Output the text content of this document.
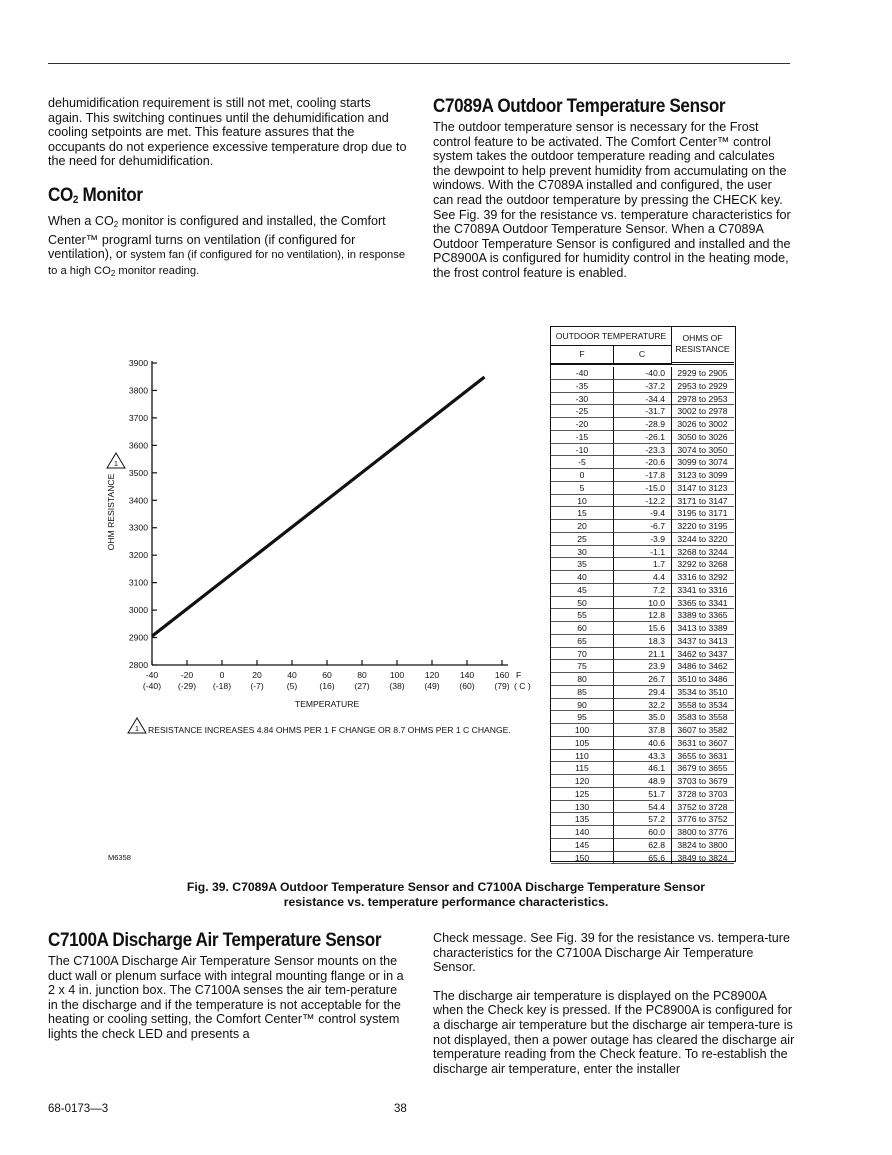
dehumidification requirement is still not met, cooling starts again. This switching continues until the dehumidification and cooling setpoints are met. This feature assures that the occupants do not experience excessive temperature drop due to the need for dehumidification.

$CO_2$ Monitor

When a $CO_2$ monitor is configured and installed, the Comfort Center™ programl turns on ventilation (if configured for ventilation), or system fan (if configured for no ventilation), in response to a high $CO_2$ monitor reading.

C7089A Outdoor Temperature Sensor

The outdoor temperature sensor is necessary for the Frost control feature to be activated. The Comfort Center™ control system takes the outdoor temperature reading and calculates the dewpoint to help prevent humidity from accumulating on the windows. With the C7089A installed and configured, the user can read the outdoor temperature by pressing the CHECK key. See Fig. 39 for the resistance vs. temperature characteristics for the C7089A Outdoor Temperature Sensor. When a C7089A Outdoor Temperature Sensor is configured and installed and the PC8900A is configured for humidity control in the heating mode, the frost control feature is enabled.

2800
2900
3000
3100
3200
3300
3400
3500
3600
3700
3800
3900
-40
(-40)
-20
(-29)
0
(-18)
20
(-7)
40
(5)
60
(16)
80
(27)
100
(38)
120
(49)
140
(60)
160
(79)
F
( C )
TEMPERATURE
OHM RESISTANCE
1
1 RESISTANCE INCREASES 4.84 OHMS PER 1 F CHANGE OR 8.7 OHMS PER 1 C CHANGE.
M6358
OUTDOOR TEMPERATURE	OHMS OF
RESISTANCE
F	C
-40	-40.0	2929 to 2905
-35	-37.2	2953 to 2929
-30	-34.4	2978 to 2953
-25	-31.7	3002 to 2978
-20	-28.9	3026 to 3002
-15	-26.1	3050 to 3026
-10	-23.3	3074 to 3050
-5	-20.6	3099 to 3074
0	-17.8	3123 to 3099
5	-15.0	3147 to 3123
10	-12.2	3171 to 3147
15	-9.4	3195 to 3171
20	-6.7	3220 to 3195
25	-3.9	3244 to 3220
30	-1.1	3268 to 3244
35	1.7	3292 to 3268
40	4.4	3316 to 3292
45	7.2	3341 to 3316
50	10.0	3365 to 3341
55	12.8	3389 to 3365
60	15.6	3413 to 3389
65	18.3	3437 to 3413
70	21.1	3462 to 3437
75	23.9	3486 to 3462
80	26.7	3510 to 3486
85	29.4	3534 to 3510
90	32.2	3558 to 3534
95	35.0	3583 to 3558
100	37.8	3607 to 3582
105	40.6	3631 to 3607
110	43.3	3655 to 3631
115	46.1	3679 to 3655
120	48.9	3703 to 3679
125	51.7	3728 to 3703
130	54.4	3752 to 3728
135	57.2	3776 to 3752
140	60.0	3800 to 3776
145	62.8	3824 to 3800
150	65.6	3849 to 3824
Fig. 39. C7089A Outdoor Temperature Sensor and C7100A Discharge Temperature Sensor
resistance vs. temperature performance characteristics.
C7100A Discharge Air Temperature Sensor

The C7100A Discharge Air Temperature Sensor mounts on the duct wall or plenum surface with integral mounting flange or in a 2 x 4 in. junction box. The C7100A senses the air tem-perature in the discharge and if the temperature is not acceptable for the heating or cooling setting, the Comfort Center™ control system lights the check LED and presents a

Check message. See Fig. 39 for the resistance vs. tempera-ture characteristics for the C7100A Discharge Air Temperature Sensor.

The discharge air temperature is displayed on the PC8900A when the Check key is pressed. If the PC8900A is configured for a discharge air temperature but the discharge air tempera-ture is not displayed, then a power outage has cleared the discharge air temperature reading from the Check feature. To re-establish the discharge air temperature, enter the installer

68-0173—3	38
